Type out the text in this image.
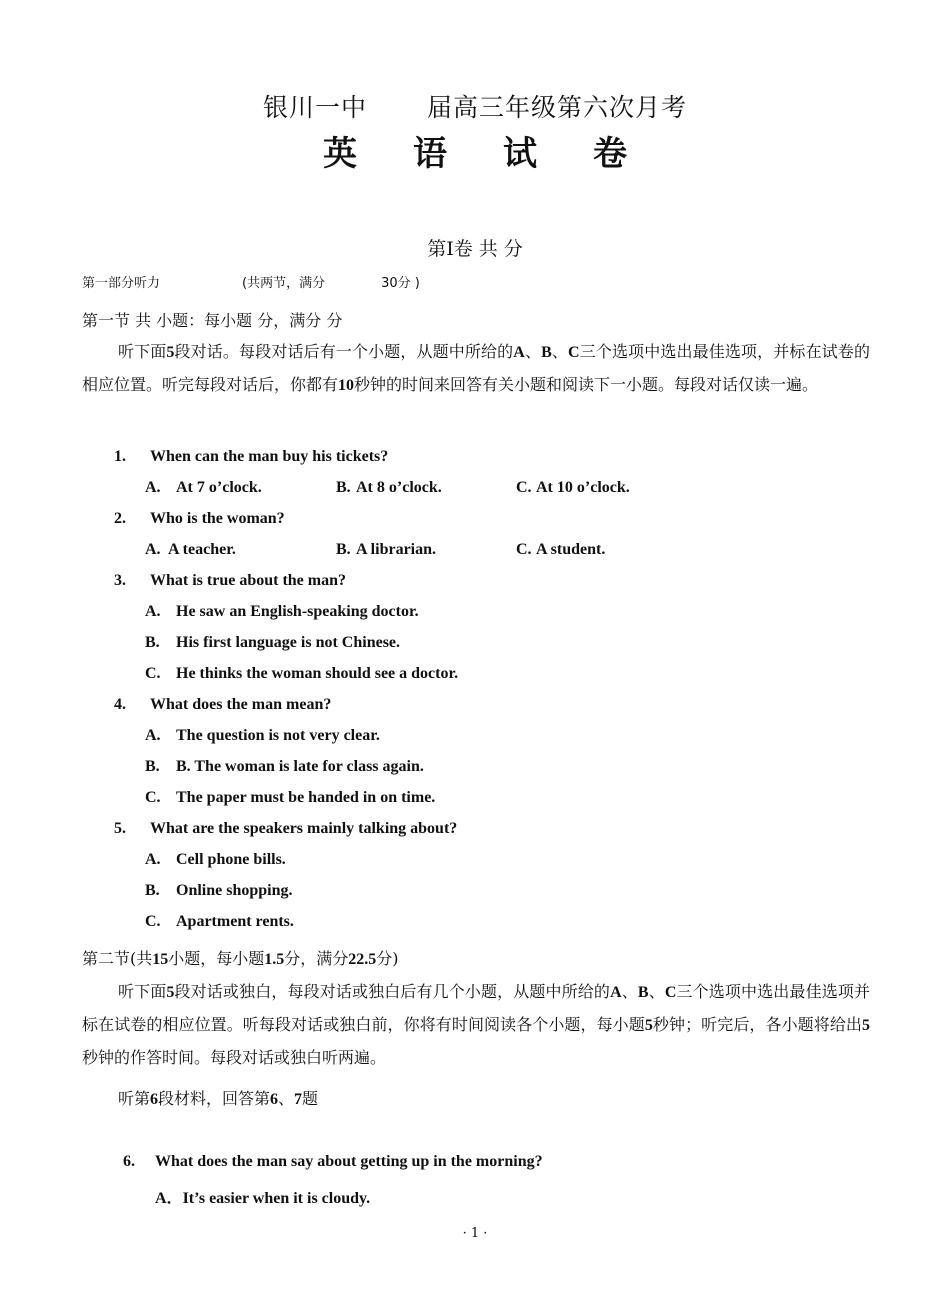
银川一中 届高三年级第六次月考
英 语 试 卷
第Ⅰ卷 共 分
第一部分听力	(共两节，满分	30分 )
第一节 共 小题：每小题 分，满分 分

听下面5段对话。每段对话后有一个小题，从题中所给的A、B、C三个选项中选出最佳选项，并标在试卷的相应位置。听完每段对话后，你都有10秒钟的时间来回答有关小题和阅读下一小题。每段对话仅读一遍。

1. When can the man buy his tickets?
A. At 7 o’clock.	B. At 8 o’clock.	C. At 10 o’clock.
2. Who is the woman?
A. A teacher.	B. A librarian.	C. A student.
3. What is true about the man?
A. He saw an English-speaking doctor.
B. His first language is not Chinese.
C. He thinks the woman should see a doctor.
4. What does the man mean?
A. The question is not very clear.
B. B. The woman is late for class again.
C. The paper must be handed in on time.
5. What are the speakers mainly talking about?
A. Cell phone bills.
B. Online shopping.
C. Apartment rents.
第二节(共15小题，每小题1.5分，满分22.5分)

听下面5段对话或独白，每段对话或独白后有几个小题，从题中所给的A、B、C三个选项中选出最佳选项并标在试卷的相应位置。听每段对话或独白前，你将有时间阅读各个小题，每小题5秒钟；听完后，各小题将给出5秒钟的作答时间。每段对话或独白听两遍。

听第6段材料，回答第6、7题
6. What does the man say about getting up in the morning?
A．It’s easier when it is cloudy.
· 1 ·
